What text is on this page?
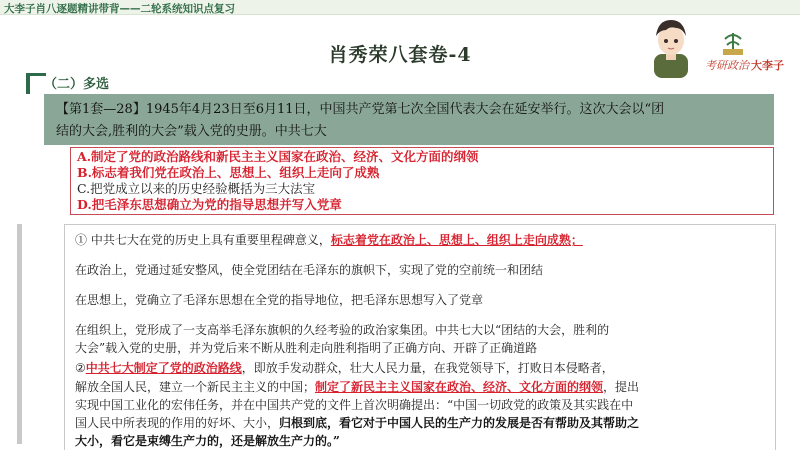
大李子肖八逐题精讲带背——二轮系统知识点复习
肖秀荣八套卷-4	考研政治 大李子
（二）多选
【第1套—28】1945年4月23日至6月11日，中国共产党第七次全国代表大会在延安举行。这次大会以“团
结的大会,胜利的大会”载入党的史册。中共七大
A.制定了党的政治路线和新民主主义国家在政治、经济、文化方面的纲领
B.标志着我们党在政治上、思想上、组织上走向了成熟
C.把党成立以来的历史经验概括为三大法宝
D.把毛泽东思想确立为党的指导思想并写入党章
① 中共七大在党的历史上具有重要里程碑意义，标志着党在政治上、思想上、组织上走向成熟；
在政治上，党通过延安整风，使全党团结在毛泽东的旗帜下，实现了党的空前统一和团结
在思想上，党确立了毛泽东思想在全党的指导地位，把毛泽东思想写入了党章
在组织上，党形成了一支高举毛泽东旗帜的久经考验的政治家集团。中共七大以“团结的大会，胜利的
大会”载入党的史册，并为党后来不断从胜利走向胜利指明了正确方向、开辟了正确道路
②中共七大制定了党的政治路线，即放手发动群众，壮大人民力量，在我党领导下，打败日本侵略者，
解放全国人民，建立一个新民主主义的中国；制定了新民主主义国家在政治、经济、文化方面的纲领，提出
实现中国工业化的宏伟任务，并在中国共产党的文件上首次明确提出：“中国一切政党的政策及其实践在中
国人民中所表现的作用的好坏、大小，归根到底，看它对于中国人民的生产力的发展是否有帮助及其帮助之
大小，看它是束缚生产力的，还是解放生产力的。”
